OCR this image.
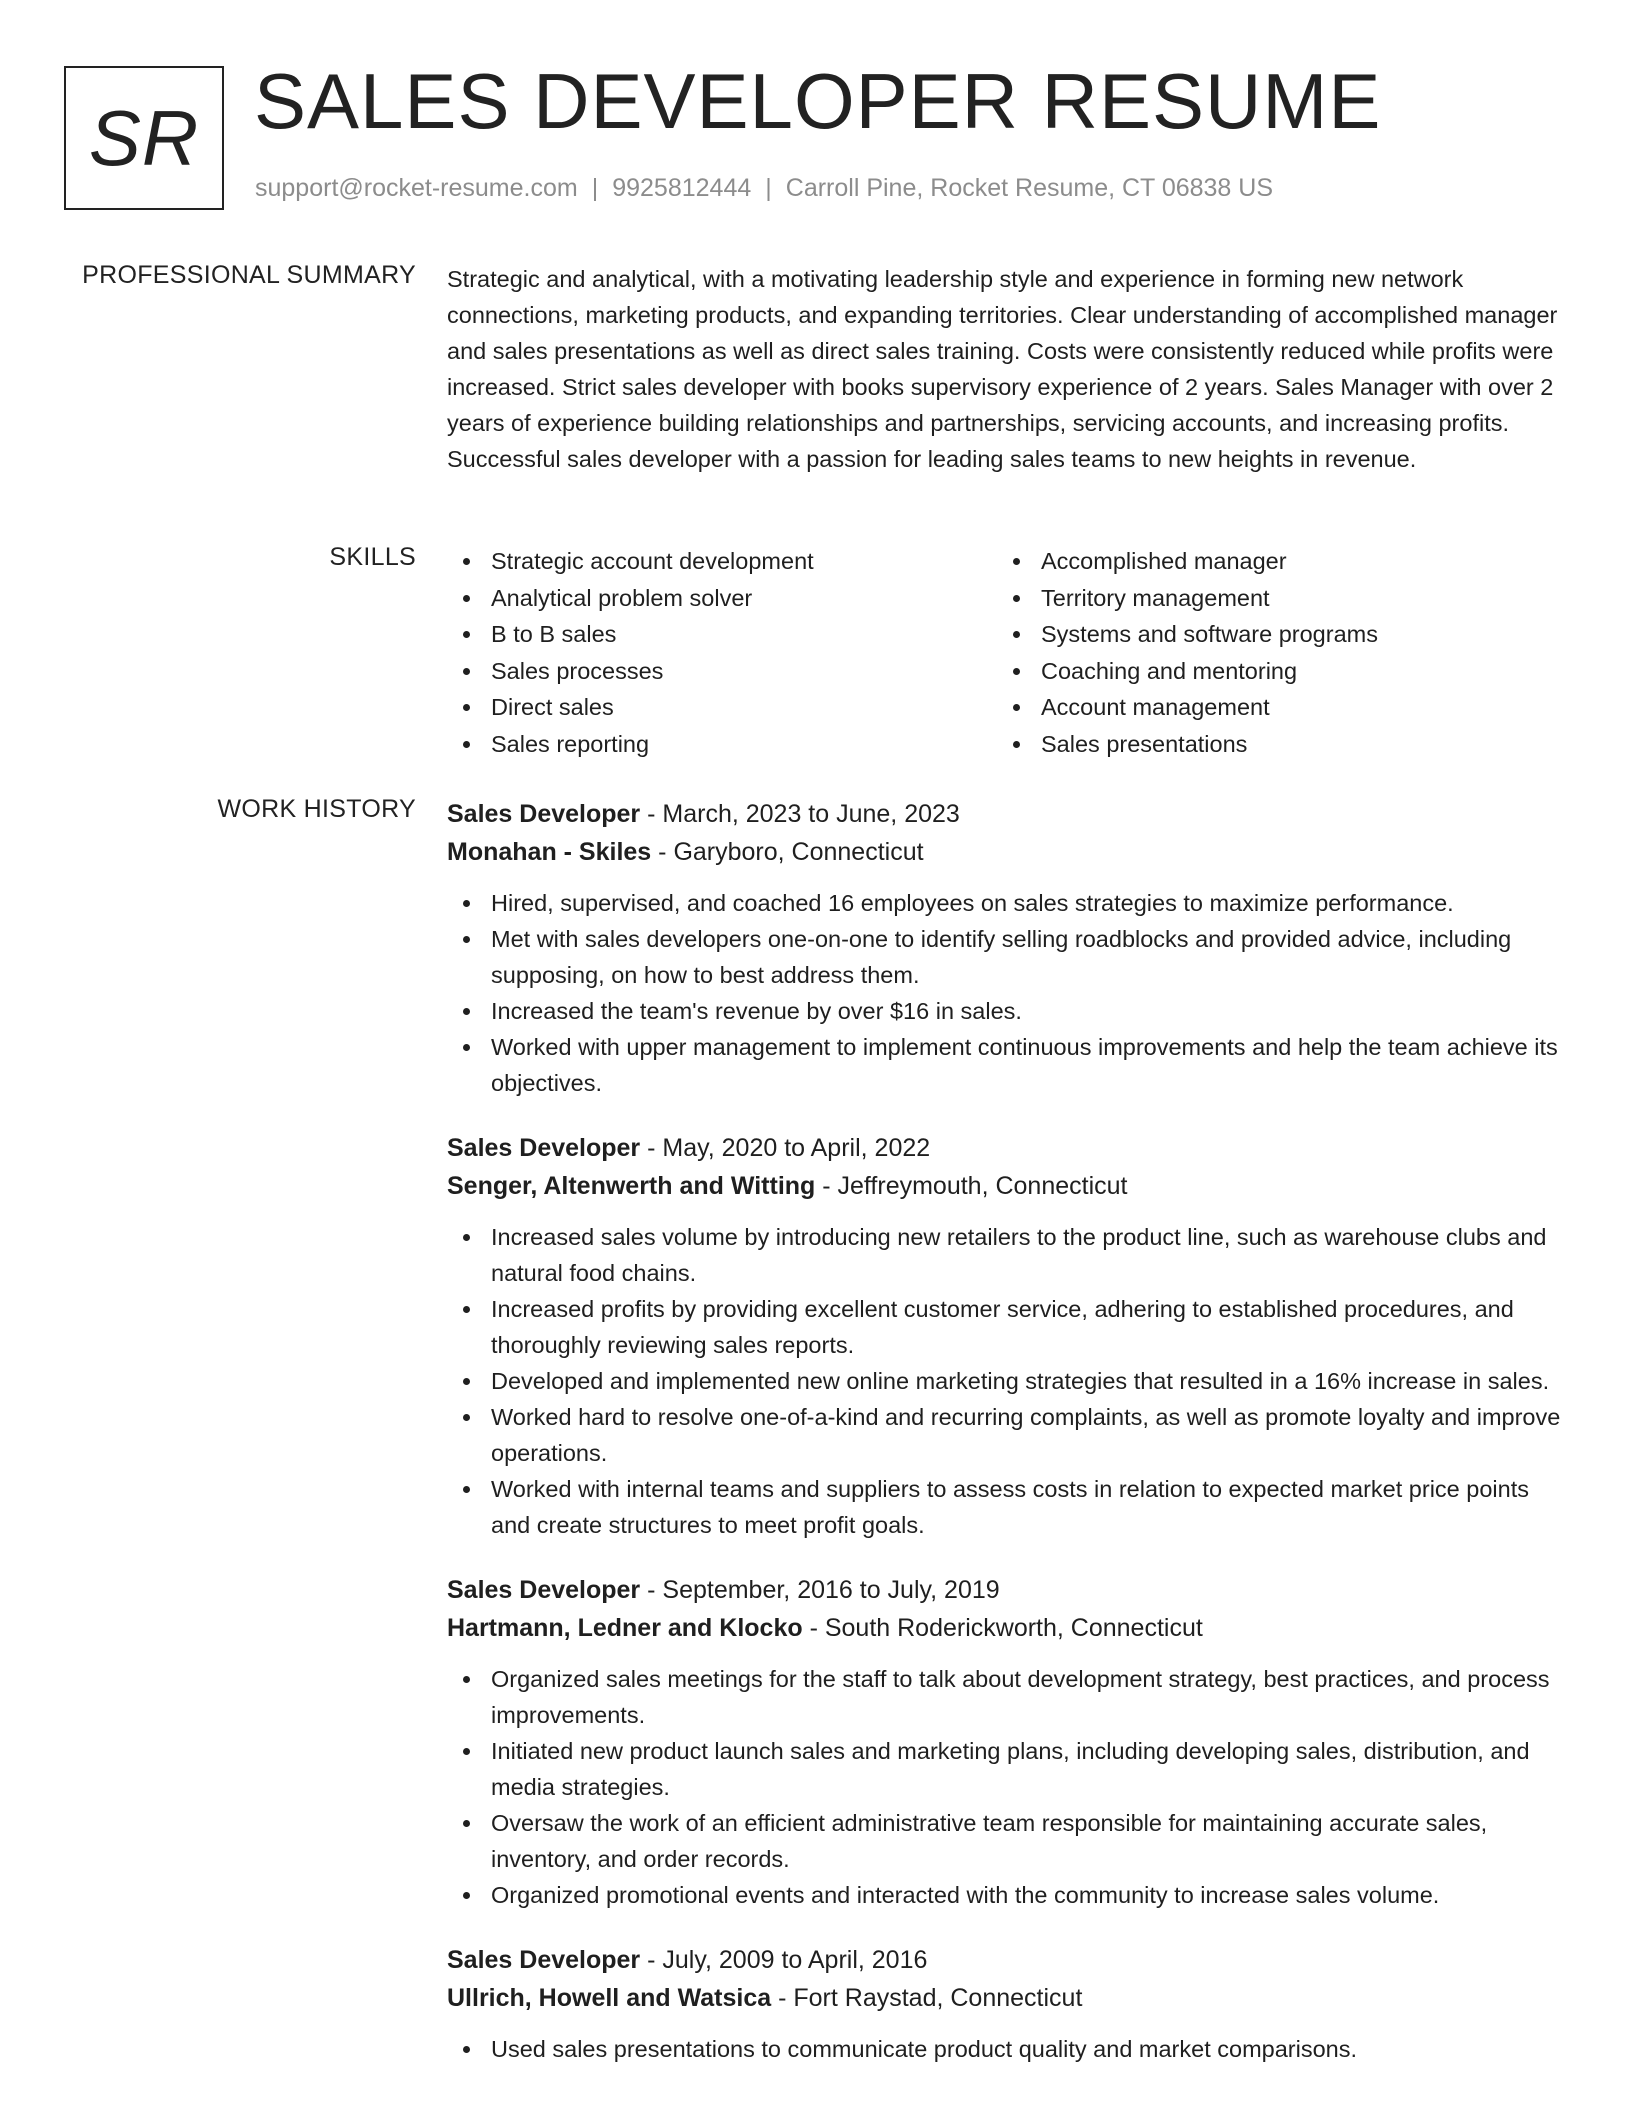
SR SALES DEVELOPER RESUME
support@rocket-resume.com | 9925812444 | Carroll Pine, Rocket Resume, CT 06838 US
PROFESSIONAL SUMMARY Strategic and analytical, with a motivating leadership style and experience in forming new network connections, marketing products, and expanding territories. Clear understanding of accomplished manager and sales presentations as well as direct sales training. Costs were consistently reduced while profits were increased. Strict sales developer with books supervisory experience of 2 years. Sales Manager with over 2 years of experience building relationships and partnerships, servicing accounts, and increasing profits. Successful sales developer with a passion for leading sales teams to new heights in revenue.

SKILLS	Strategic account development
Analytical problem solver
B to B sales
Sales processes
Direct sales
Sales reporting
Accomplished manager
Territory management
Systems and software programs
Coaching and mentoring
Account management
Sales presentations
WORK HISTORY Sales Developer - March, 2023 to June, 2023
Monahan - Skiles - Garyboro, Connecticut
Hired, supervised, and coached 16 employees on sales strategies to maximize performance.
Met with sales developers one-on-one to identify selling roadblocks and provided advice, including supposing, on how to best address them.
Increased the team's revenue by over $16 in sales.
Worked with upper management to implement continuous improvements and help the team achieve its objectives.
Sales Developer - May, 2020 to April, 2022
Senger, Altenwerth and Witting - Jeffreymouth, Connecticut
Increased sales volume by introducing new retailers to the product line, such as warehouse clubs and natural food chains.
Increased profits by providing excellent customer service, adhering to established procedures, and thoroughly reviewing sales reports.
Developed and implemented new online marketing strategies that resulted in a 16% increase in sales.
Worked hard to resolve one-of-a-kind and recurring complaints, as well as promote loyalty and improve operations.
Worked with internal teams and suppliers to assess costs in relation to expected market price points and create structures to meet profit goals.
Sales Developer - September, 2016 to July, 2019
Hartmann, Ledner and Klocko - South Roderickworth, Connecticut
Organized sales meetings for the staff to talk about development strategy, best practices, and process improvements.
Initiated new product launch sales and marketing plans, including developing sales, distribution, and media strategies.
Oversaw the work of an efficient administrative team responsible for maintaining accurate sales, inventory, and order records.
Organized promotional events and interacted with the community to increase sales volume.
Sales Developer - July, 2009 to April, 2016
Ullrich, Howell and Watsica - Fort Raystad, Connecticut
Used sales presentations to communicate product quality and market comparisons.
